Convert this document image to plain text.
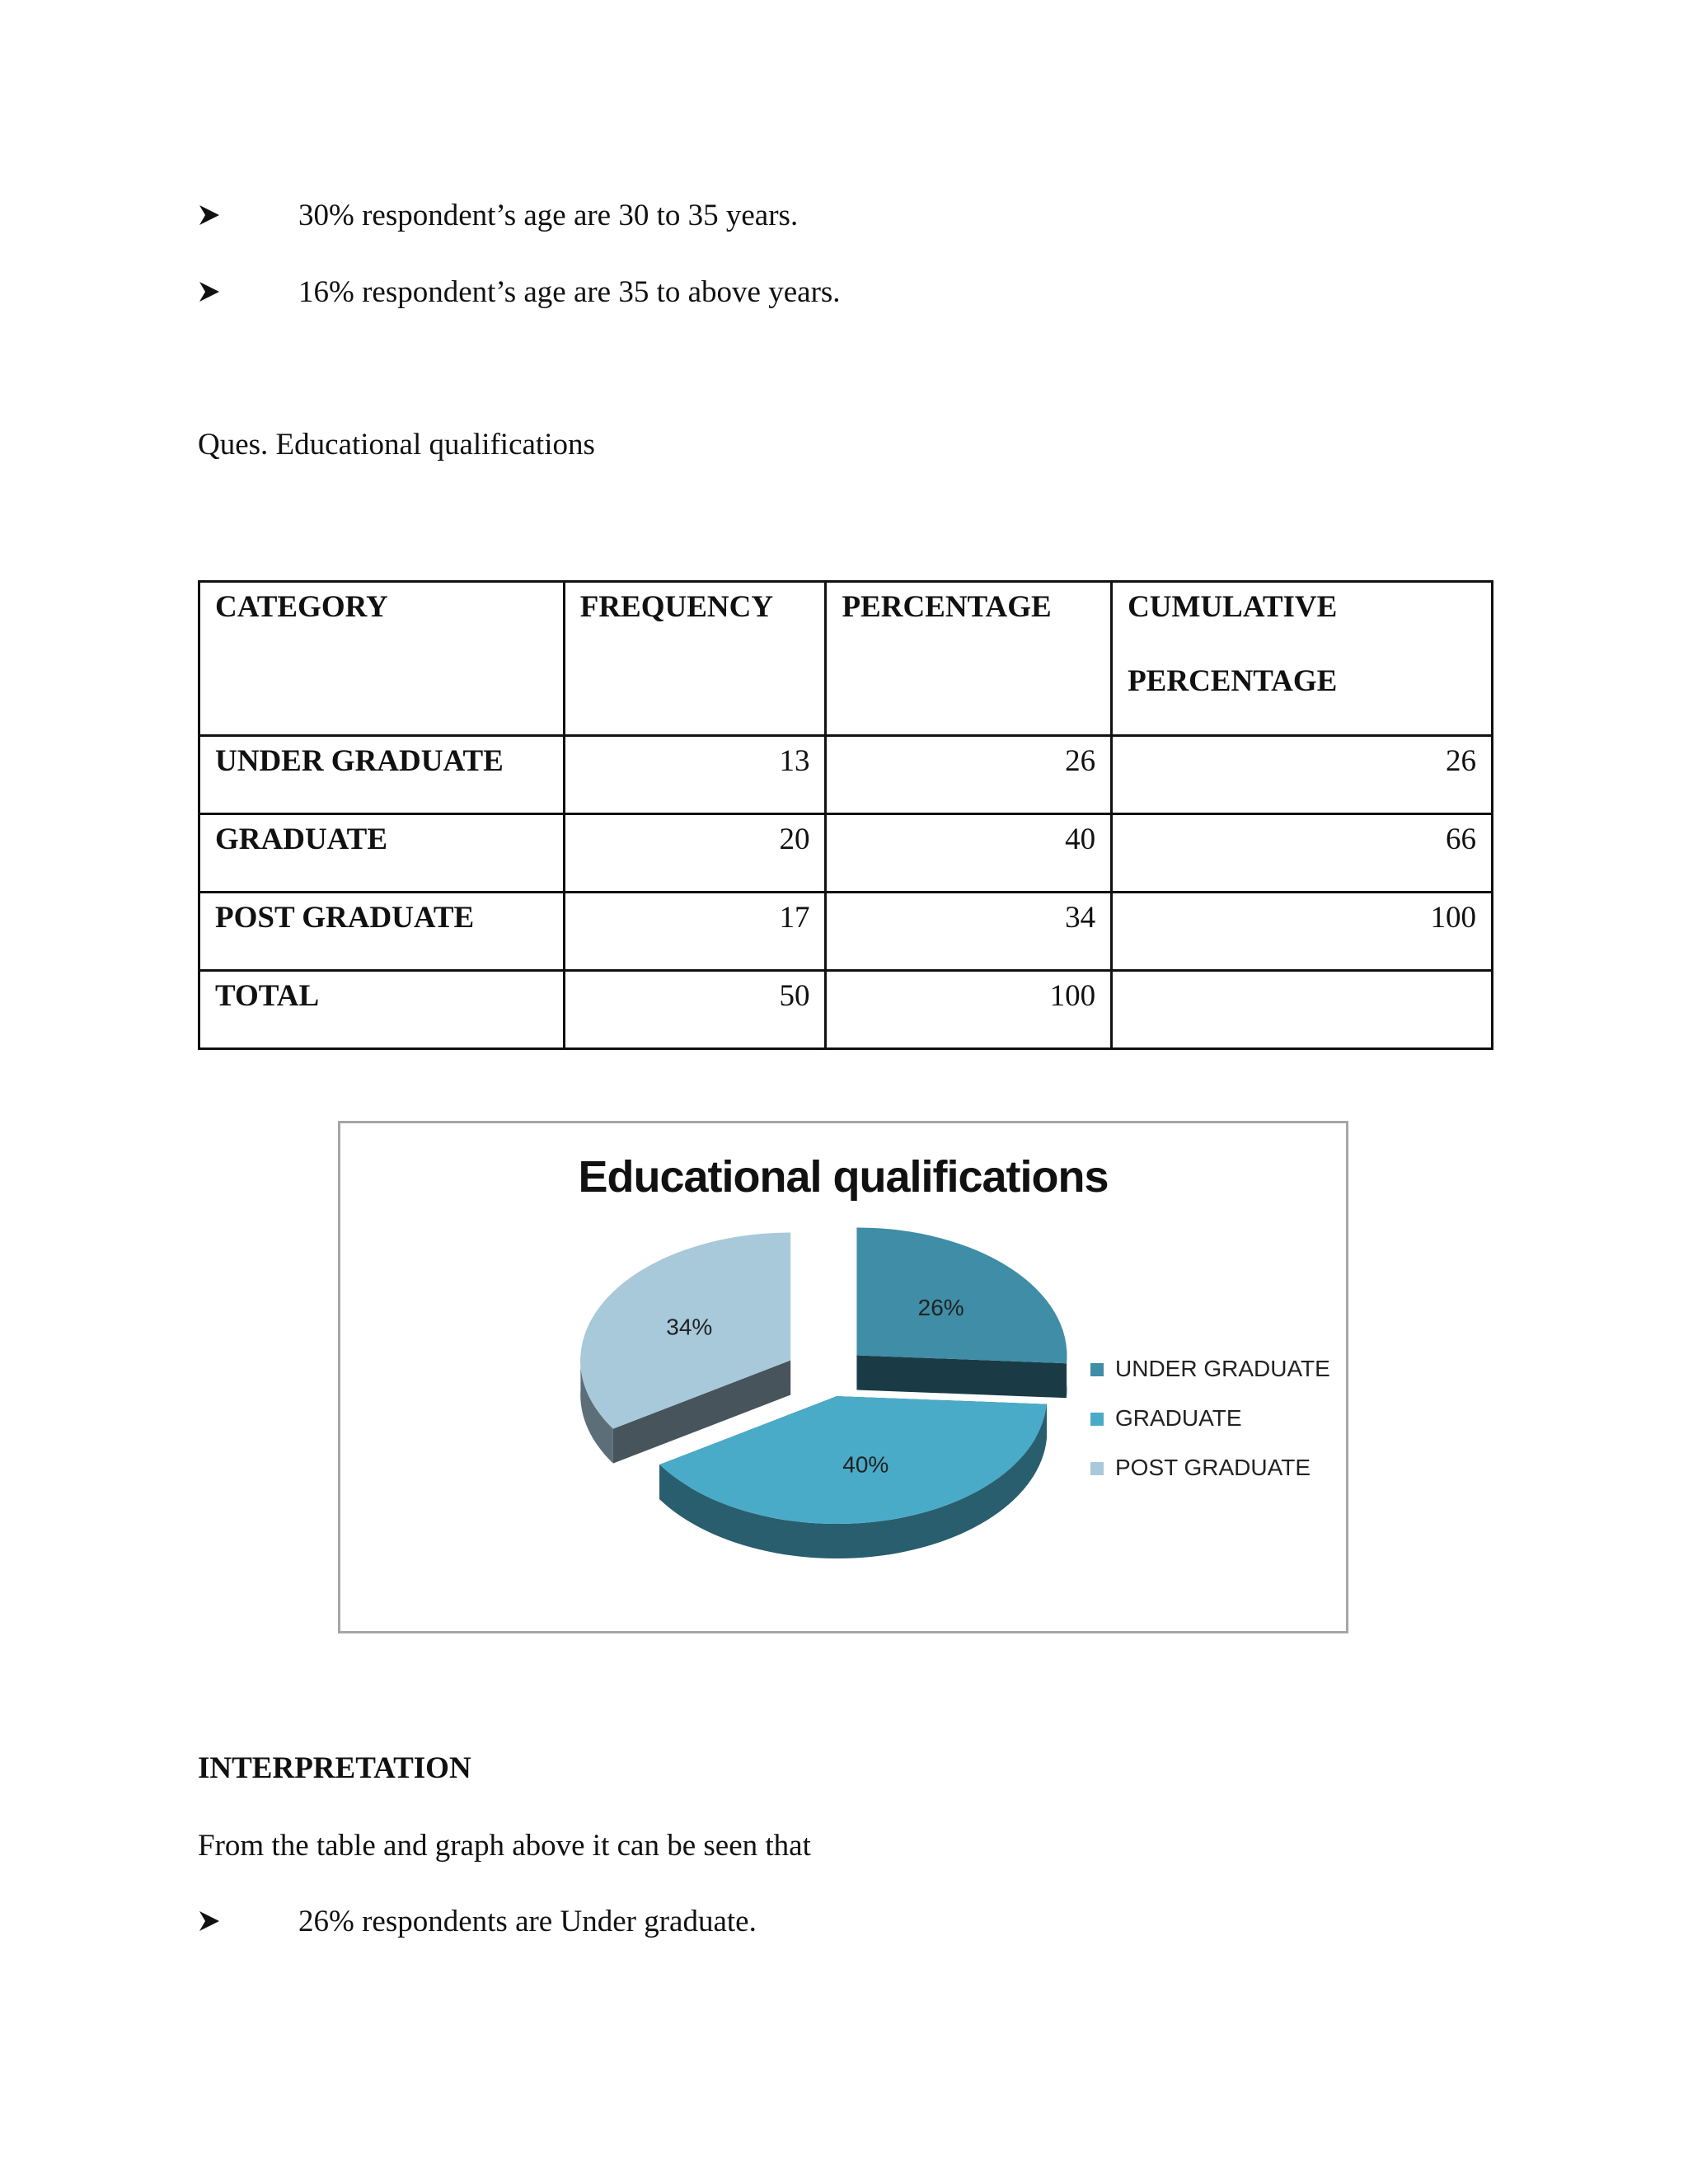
30% respondent’s age are 30 to 35 years.
16% respondent’s age are 35 to above years.
Ques. Educational qualifications
CATEGORY	FREQUENCY	PERCENTAGE	CUMULATIVE
PERCENTAGE

UNDER GRADUATE	13	26	26
GRADUATE	20	40	66
POST GRADUATE	17	34	100
TOTAL	50	100	
26%
40%
34%
Educational qualifications
UNDER GRADUATE
GRADUATE
POST GRADUATE
INTERPRETATION
From the table and graph above it can be seen that
26% respondents are Under graduate.
